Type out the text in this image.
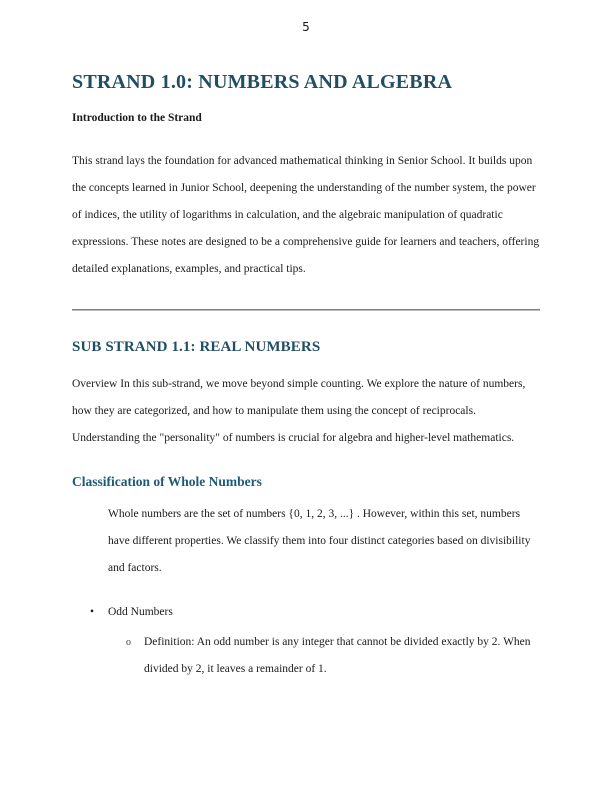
5
STRAND 1.0: NUMBERS AND ALGEBRA
Introduction to the Strand
This strand lays the foundation for advanced mathematical thinking in Senior School. It builds upon the concepts learned in Junior School, deepening the understanding of the number system, the power of indices, the utility of logarithms in calculation, and the algebraic manipulation of quadratic expressions. These notes are designed to be a comprehensive guide for learners and teachers, offering detailed explanations, examples, and practical tips.
SUB STRAND 1.1: REAL NUMBERS
Overview In this sub-strand, we move beyond simple counting. We explore the nature of numbers, how they are categorized, and how to manipulate them using the concept of reciprocals. Understanding the "personality" of numbers is crucial for algebra and higher-level mathematics.
Classification of Whole Numbers
Whole numbers are the set of numbers {0, 1, 2, 3, ...} . However, within this set, numbers have different properties. We classify them into four distinct categories based on divisibility and factors.
•	Odd Numbers
o	Definition: An odd number is any integer that cannot be divided exactly by 2. When divided by 2, it leaves a remainder of 1.
